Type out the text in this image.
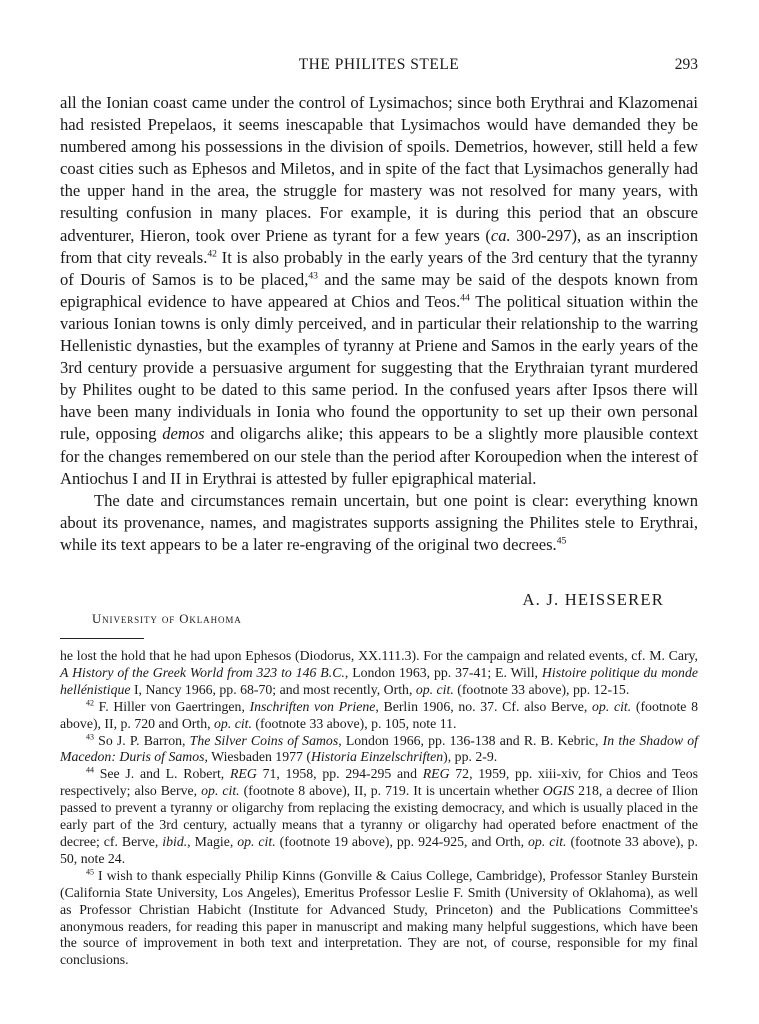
THE PHILITES STELE	293

all the Ionian coast came under the control of Lysimachos; since both Erythrai and Klazomenai had resisted Prepelaos, it seems inescapable that Lysimachos would have demanded they be numbered among his possessions in the division of spoils. Demetrios, however, still held a few coast cities such as Ephesos and Miletos, and in spite of the fact that Lysimachos generally had the upper hand in the area, the struggle for mastery was not resolved for many years, with resulting confusion in many places. For example, it is during this period that an obscure adventurer, Hieron, took over Priene as tyrant for a few years (ca. 300-297), as an inscription from that city reveals.$^{42}$ It is also probably in the early years of the 3rd century that the tyranny of Douris of Samos is to be placed,$^{43}$ and the same may be said of the despots known from epigraphical evidence to have appeared at Chios and Teos.$^{44}$ The political situation within the various Ionian towns is only dimly perceived, and in particular their relationship to the warring Hellenistic dynasties, but the examples of tyranny at Priene and Samos in the early years of the 3rd century provide a persuasive argument for suggesting that the Erythraian tyrant murdered by Philites ought to be dated to this same period. In the confused years after Ipsos there will have been many individuals in Ionia who found the opportunity to set up their own personal rule, opposing demos and oligarchs alike; this appears to be a slightly more plausible context for the changes remembered on our stele than the period after Koroupedion when the interest of Antiochus I and II in Erythrai is attested by fuller epigraphical material.

The date and circumstances remain uncertain, but one point is clear: everything known about its provenance, names, and magistrates supports assigning the Philites stele to Erythrai, while its text appears to be a later re-engraving of the original two decrees.$^{45}$

A. J. HEISSERER
University of Oklahoma

he lost the hold that he had upon Ephesos (Diodorus, XX.111.3). For the campaign and related events, cf. M. Cary, A History of the Greek World from 323 to 146 B.C., London 1963, pp. 37-41; E. Will, Histoire politique du monde hellénistique I, Nancy 1966, pp. 68-70; and most recently, Orth, op. cit. (footnote 33 above), pp. 12-15.

$^{42}$ F. Hiller von Gaertringen, Inschriften von Priene, Berlin 1906, no. 37. Cf. also Berve, op. cit. (footnote 8 above), II, p. 720 and Orth, op. cit. (footnote 33 above), p. 105, note 11.

$^{43}$ So J. P. Barron, The Silver Coins of Samos, London 1966, pp. 136-138 and R. B. Kebric, In the Shadow of Macedon: Duris of Samos, Wiesbaden 1977 (Historia Einzelschriften), pp. 2-9.

$^{44}$ See J. and L. Robert, REG 71, 1958, pp. 294-295 and REG 72, 1959, pp. xiii-xiv, for Chios and Teos respectively; also Berve, op. cit. (footnote 8 above), II, p. 719. It is uncertain whether OGIS 218, a decree of Ilion passed to prevent a tyranny or oligarchy from replacing the existing democracy, and which is usually placed in the early part of the 3rd century, actually means that a tyranny or oligarchy had operated before enactment of the decree; cf. Berve, ibid., Magie, op. cit. (footnote 19 above), pp. 924-925, and Orth, op. cit. (footnote 33 above), p. 50, note 24.

$^{45}$ I wish to thank especially Philip Kinns (Gonville & Caius College, Cambridge), Professor Stanley Burstein (California State University, Los Angeles), Emeritus Professor Leslie F. Smith (University of Oklahoma), as well as Professor Christian Habicht (Institute for Advanced Study, Princeton) and the Publications Committee's anonymous readers, for reading this paper in manuscript and making many helpful suggestions, which have been the source of improvement in both text and interpretation. They are not, of course, responsible for my final conclusions.
